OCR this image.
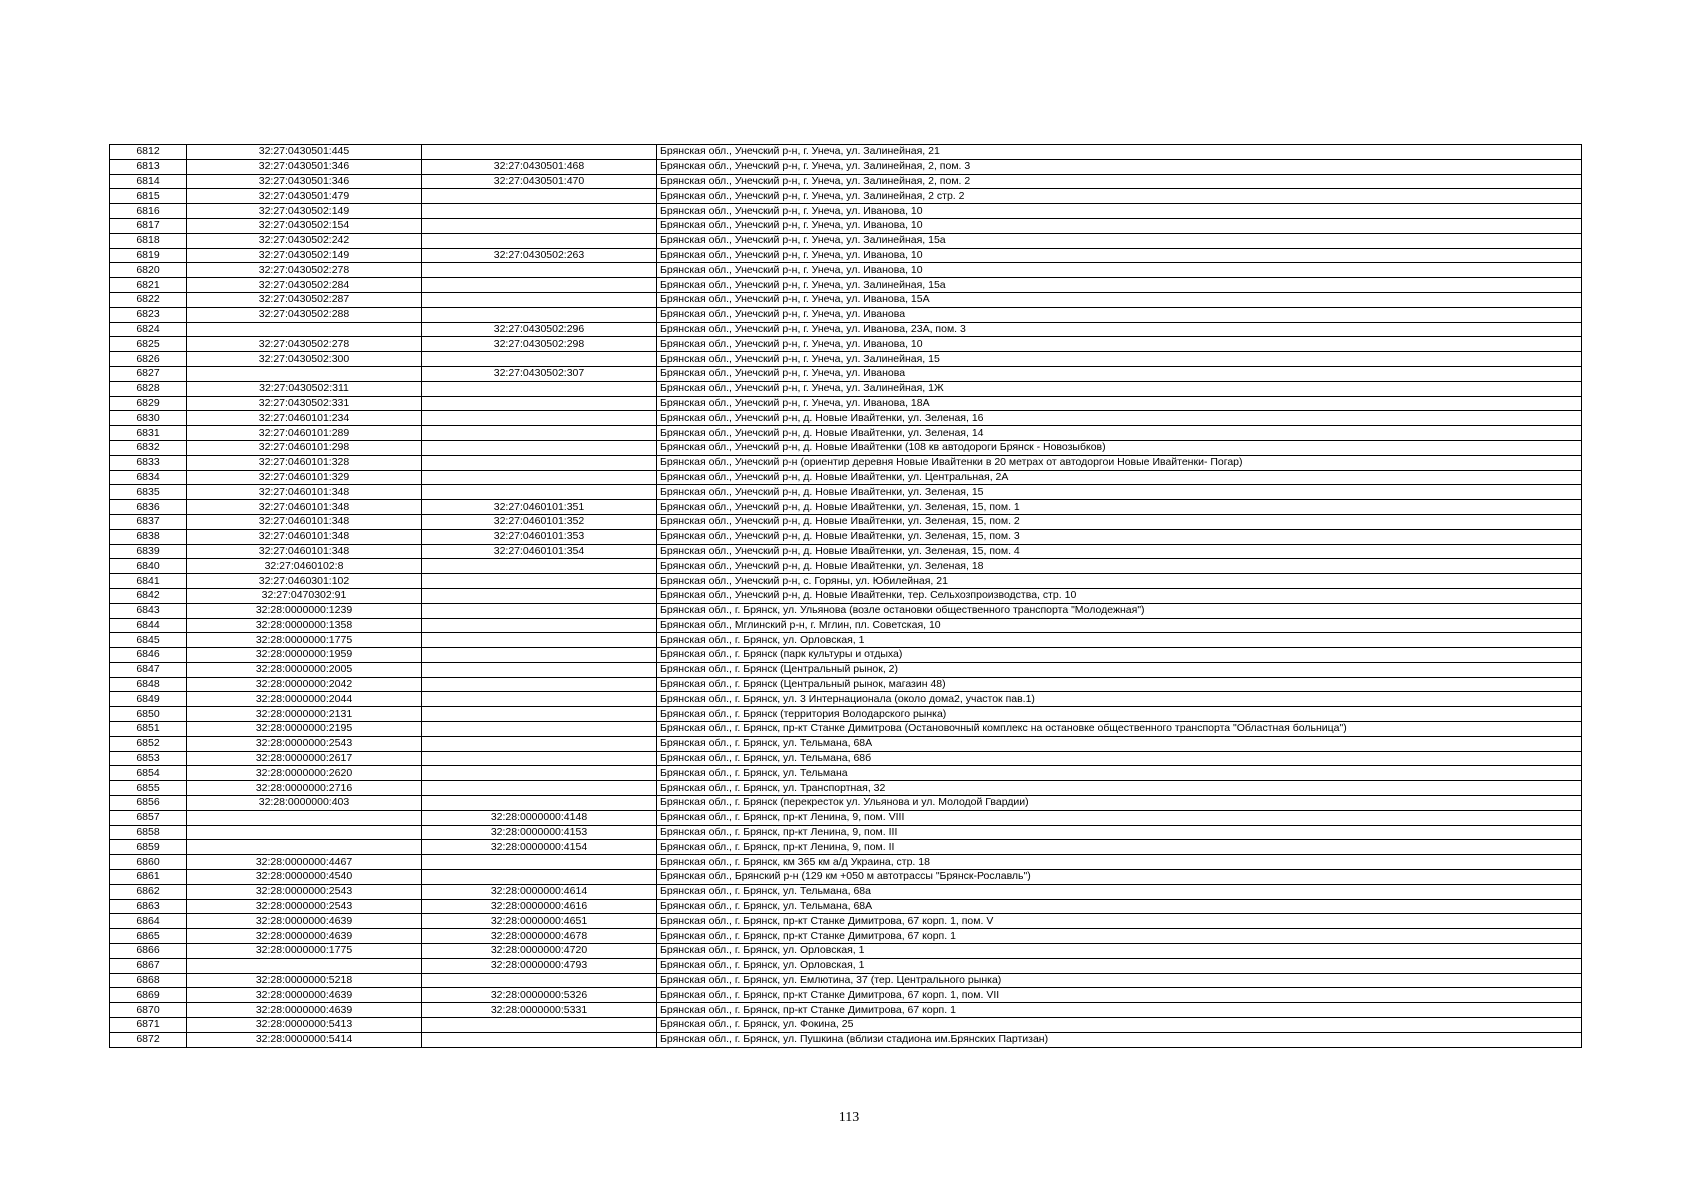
6812	32:27:0430501:445		Брянская обл., Унечский р-н, г. Унеча, ул. Залинейная, 21
6813	32:27:0430501:346	32:27:0430501:468	Брянская обл., Унечский р-н, г. Унеча, ул. Залинейная, 2, пом. 3
6814	32:27:0430501:346	32:27:0430501:470	Брянская обл., Унечский р-н, г. Унеча, ул. Залинейная, 2, пом. 2
6815	32:27:0430501:479		Брянская обл., Унечский р-н, г. Унеча, ул. Залинейная, 2 стр. 2
6816	32:27:0430502:149		Брянская обл., Унечский р-н, г. Унеча, ул. Иванова, 10
6817	32:27:0430502:154		Брянская обл., Унечский р-н, г. Унеча, ул. Иванова, 10
6818	32:27:0430502:242		Брянская обл., Унечский р-н, г. Унеча, ул. Залинейная, 15а
6819	32:27:0430502:149	32:27:0430502:263	Брянская обл., Унечский р-н, г. Унеча, ул. Иванова, 10
6820	32:27:0430502:278		Брянская обл., Унечский р-н, г. Унеча, ул. Иванова, 10
6821	32:27:0430502:284		Брянская обл., Унечский р-н, г. Унеча, ул. Залинейная, 15а
6822	32:27:0430502:287		Брянская обл., Унечский р-н, г. Унеча, ул. Иванова, 15А
6823	32:27:0430502:288		Брянская обл., Унечский р-н, г. Унеча, ул. Иванова
6824		32:27:0430502:296	Брянская обл., Унечский р-н, г. Унеча, ул. Иванова, 23А, пом. 3
6825	32:27:0430502:278	32:27:0430502:298	Брянская обл., Унечский р-н, г. Унеча, ул. Иванова, 10
6826	32:27:0430502:300		Брянская обл., Унечский р-н, г. Унеча, ул. Залинейная, 15
6827		32:27:0430502:307	Брянская обл., Унечский р-н, г. Унеча, ул. Иванова
6828	32:27:0430502:311		Брянская обл., Унечский р-н, г. Унеча, ул. Залинейная, 1Ж
6829	32:27:0430502:331		Брянская обл., Унечский р-н, г. Унеча, ул. Иванова, 18А
6830	32:27:0460101:234		Брянская обл., Унечский р-н, д. Новые Ивайтенки, ул. Зеленая, 16
6831	32:27:0460101:289		Брянская обл., Унечский р-н, д. Новые Ивайтенки, ул. Зеленая, 14
6832	32:27:0460101:298		Брянская обл., Унечский р-н, д. Новые Ивайтенки (108 кв автодороги Брянск - Новозыбков)
6833	32:27:0460101:328		Брянская обл., Унечский р-н (ориентир деревня Новые Ивайтенки в 20 метрах от автодоргои Новые Ивайтенки- Погар)
6834	32:27:0460101:329		Брянская обл., Унечский р-н, д. Новые Ивайтенки, ул. Центральная, 2А
6835	32:27:0460101:348		Брянская обл., Унечский р-н, д. Новые Ивайтенки, ул. Зеленая, 15
6836	32:27:0460101:348	32:27:0460101:351	Брянская обл., Унечский р-н, д. Новые Ивайтенки, ул. Зеленая, 15, пом. 1
6837	32:27:0460101:348	32:27:0460101:352	Брянская обл., Унечский р-н, д. Новые Ивайтенки, ул. Зеленая, 15, пом. 2
6838	32:27:0460101:348	32:27:0460101:353	Брянская обл., Унечский р-н, д. Новые Ивайтенки, ул. Зеленая, 15, пом. 3
6839	32:27:0460101:348	32:27:0460101:354	Брянская обл., Унечский р-н, д. Новые Ивайтенки, ул. Зеленая, 15, пом. 4
6840	32:27:0460102:8		Брянская обл., Унечский р-н, д. Новые Ивайтенки, ул. Зеленая, 18
6841	32:27:0460301:102		Брянская обл., Унечский р-н, с. Горяны, ул. Юбилейная, 21
6842	32:27:0470302:91		Брянская обл., Унечский р-н, д. Новые Ивайтенки, тер. Сельхозпроизводства, стр. 10
6843	32:28:0000000:1239		Брянская обл., г. Брянск, ул. Ульянова (возле остановки общественного транспорта "Молодежная")
6844	32:28:0000000:1358		Брянская обл., Мглинский р-н, г. Мглин, пл. Советская, 10
6845	32:28:0000000:1775		Брянская обл., г. Брянск, ул. Орловская, 1
6846	32:28:0000000:1959		Брянская обл., г. Брянск (парк культуры и отдыха)
6847	32:28:0000000:2005		Брянская обл., г. Брянск (Центральный рынок, 2)
6848	32:28:0000000:2042		Брянская обл., г. Брянск (Центральный рынок, магазин 48)
6849	32:28:0000000:2044		Брянская обл., г. Брянск, ул. 3 Интернационала (около дома2, участок пав.1)
6850	32:28:0000000:2131		Брянская обл., г. Брянск (территория Володарского рынка)
6851	32:28:0000000:2195		Брянская обл., г. Брянск, пр-кт Станке Димитрова (Остановочный комплекс на остановке общественного транспорта "Областная больница")
6852	32:28:0000000:2543		Брянская обл., г. Брянск, ул. Тельмана, 68А
6853	32:28:0000000:2617		Брянская обл., г. Брянск, ул. Тельмана, 68б
6854	32:28:0000000:2620		Брянская обл., г. Брянск, ул. Тельмана
6855	32:28:0000000:2716		Брянская обл., г. Брянск, ул. Транспортная, 32
6856	32:28:0000000:403		Брянская обл., г. Брянск (перекресток ул. Ульянова и ул. Молодой Гвардии)
6857		32:28:0000000:4148	Брянская обл., г. Брянск, пр-кт Ленина, 9, пом. VIII
6858		32:28:0000000:4153	Брянская обл., г. Брянск, пр-кт Ленина, 9, пом. III
6859		32:28:0000000:4154	Брянская обл., г. Брянск, пр-кт Ленина, 9, пом. II
6860	32:28:0000000:4467		Брянская обл., г. Брянск, км 365 км а/д Украина, стр. 18
6861	32:28:0000000:4540		Брянская обл., Брянский р-н (129 км +050 м автотрассы "Брянск-Рославль")
6862	32:28:0000000:2543	32:28:0000000:4614	Брянская обл., г. Брянск, ул. Тельмана, 68а
6863	32:28:0000000:2543	32:28:0000000:4616	Брянская обл., г. Брянск, ул. Тельмана, 68А
6864	32:28:0000000:4639	32:28:0000000:4651	Брянская обл., г. Брянск, пр-кт Станке Димитрова, 67 корп. 1, пом. V
6865	32:28:0000000:4639	32:28:0000000:4678	Брянская обл., г. Брянск, пр-кт Станке Димитрова, 67 корп. 1
6866	32:28:0000000:1775	32:28:0000000:4720	Брянская обл., г. Брянск, ул. Орловская, 1
6867		32:28:0000000:4793	Брянская обл., г. Брянск, ул. Орловская, 1
6868	32:28:0000000:5218		Брянская обл., г. Брянск, ул. Емлютина, 37 (тер. Центрального рынка)
6869	32:28:0000000:4639	32:28:0000000:5326	Брянская обл., г. Брянск, пр-кт Станке Димитрова, 67 корп. 1, пом. VII
6870	32:28:0000000:4639	32:28:0000000:5331	Брянская обл., г. Брянск, пр-кт Станке Димитрова, 67 корп. 1
6871	32:28:0000000:5413		Брянская обл., г. Брянск, ул. Фокина, 25
6872	32:28:0000000:5414		Брянская обл., г. Брянск, ул. Пушкина (вблизи стадиона им.Брянских Партизан)
113
